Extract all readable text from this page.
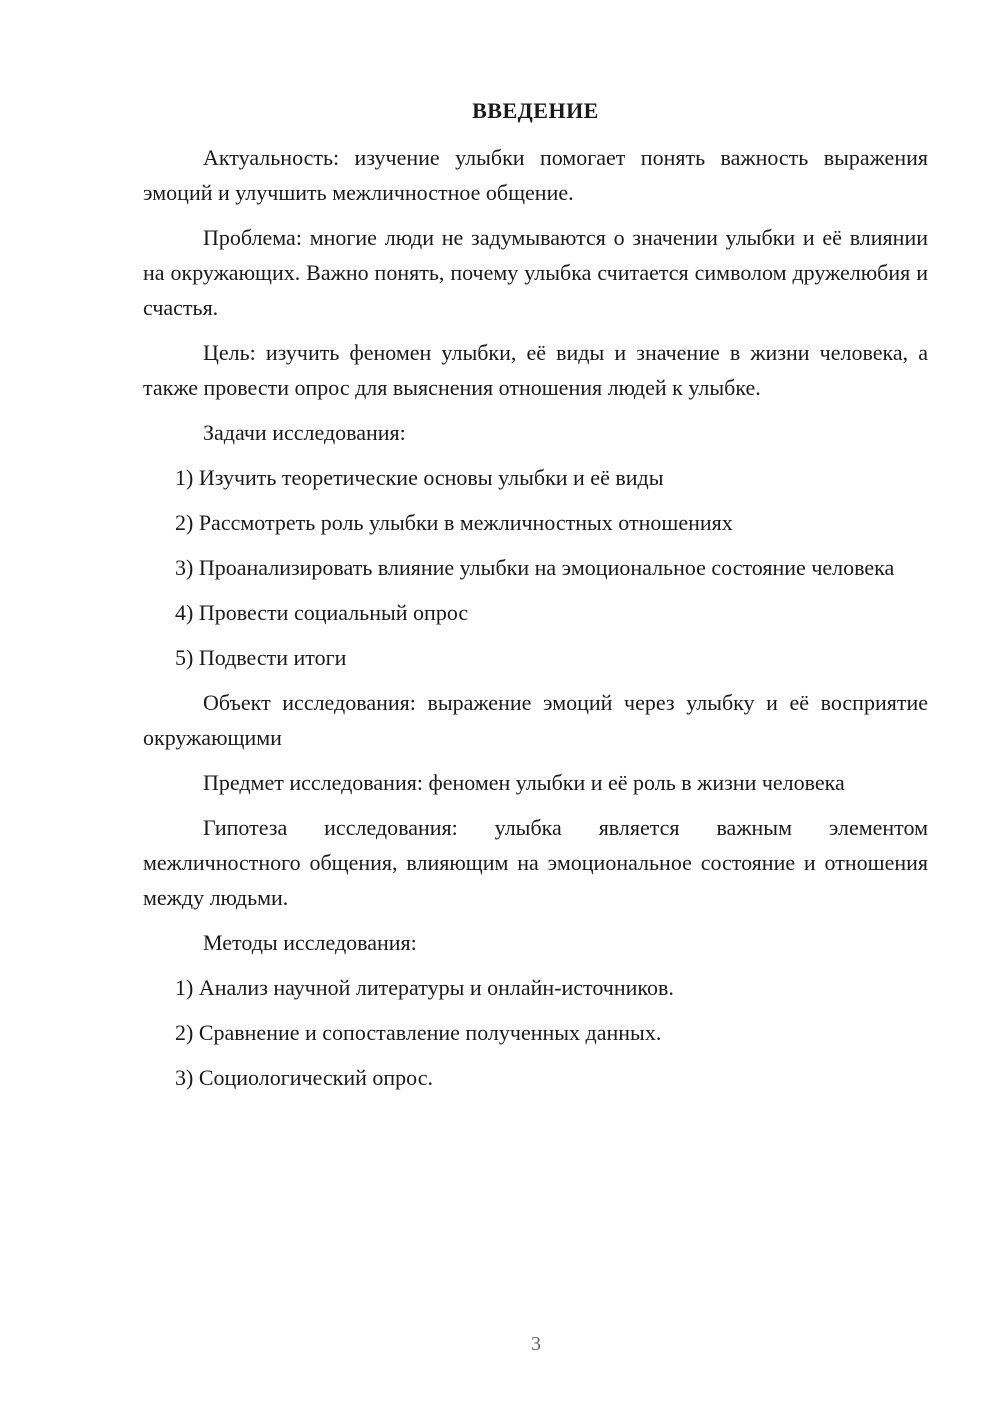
ВВЕДЕНИЕ

Актуальность: изучение улыбки помогает понять важность выражения эмоций и улучшить межличностное общение.

Проблема: многие люди не задумываются о значении улыбки и её влиянии на окружающих. Важно понять, почему улыбка считается символом дружелюбия и счастья.

Цель: изучить феномен улыбки, её виды и значение в жизни человека, а также провести опрос для выяснения отношения людей к улыбке.

Задачи исследования:

1) Изучить теоретические основы улыбки и её виды

2) Рассмотреть роль улыбки в межличностных отношениях

3) Проанализировать влияние улыбки на эмоциональное состояние человека

4) Провести социальный опрос

5) Подвести итоги

Объект исследования: выражение эмоций через улыбку и её восприятие окружающими

Предмет исследования: феномен улыбки и её роль в жизни человека

Гипотеза исследования: улыбка является важным элементом межличностного общения, влияющим на эмоциональное состояние и отношения между людьми.

Методы исследования:

1) Анализ научной литературы и онлайн-источников.

2) Сравнение и сопоставление полученных данных.

3) Социологический опрос.

3
